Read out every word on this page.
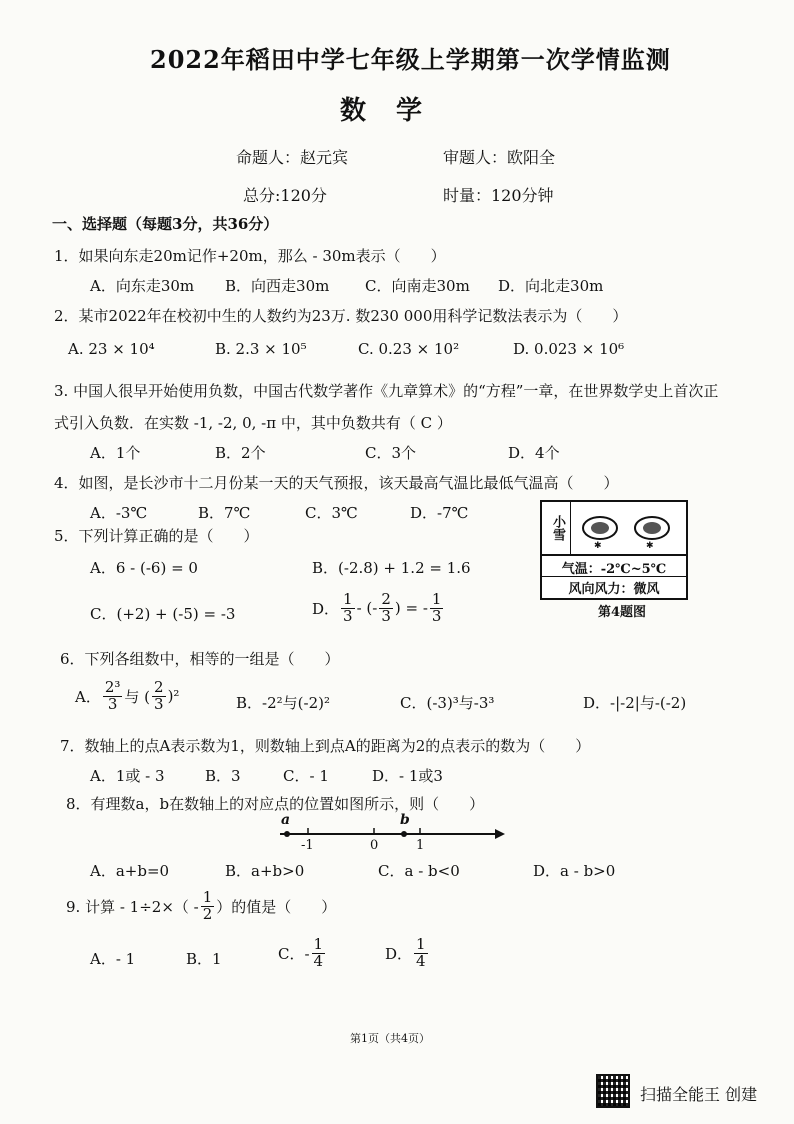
2022年稻田中学七年级上学期第一次学情监测
数学
命题人：赵元宾	审题人：欧阳全
总分:120分	时量：120分钟
一、选择题（每题3分，共36分）
1．如果向东走20m记作+20m，那么 - 30m表示（　　）
A．向东走30m B．向西走30m C．向南走30m D．向北走30m
2．某市2022年在校初中生的人数约为23万. 数230 000用科学记数法表示为（　　）
A. 23 × 10⁴	B. 2.3 × 10⁵	C. 0.23 × 10²	D. 0.023 × 10⁶
3. 中国人很早开始使用负数，中国古代数学著作《九章算术》的“方程”一章，在世界数学史上首次正
式引入负数．在实数 -1, -2, 0, -π 中，其中负数共有（ C ）
A．1个	B．2个	C．3个	D．4个
4．如图，是长沙市十二月份某一天的天气预报，该天最高气温比最低气温高（　　）
A．-3℃	B．7℃	C．3℃	D．-7℃
小雪
✱	✱
气温：-2℃~5℃
风向风力：微风
第4题图
5．下列计算正确的是（　　）
A．6 - (-6) = 0	B．(-2.8) + 1.2 = 1.6
C．(+2) + (-5) = -3	D． $\frac{1}{3}$ - (- $\frac{2}{3}$ ) = - $\frac{1}{3}$
6．下列各组数中，相等的一组是（　　）
A． $\frac{\text{2³}}{3}$ 与 ( $\frac{2}{3} )^2$	B．-2²与(-2)²	C．(-3)³与-3³	D．-|-2|与-(-2)
7．数轴上的点A表示数为1，则数轴上到点A的距离为2的点表示的数为（　　）
A．1或 - 3	B．3	C．- 1	D．- 1或3
8．有理数a，b在数轴上的对应点的位置如图所示，则（　　）
a	b
-1	0	1
A．a+b=0	B．a+b>0	C．a - b<0	D．a - b>0
9. 计算 - $1\div 2\times( - \frac{1}{2}$ ）的值是（　　）
A．- 1	B．1	C．- $\frac{1}{4}$	D． $\frac{1}{4}$
第1页（共4页）
扫描全能王 创建
